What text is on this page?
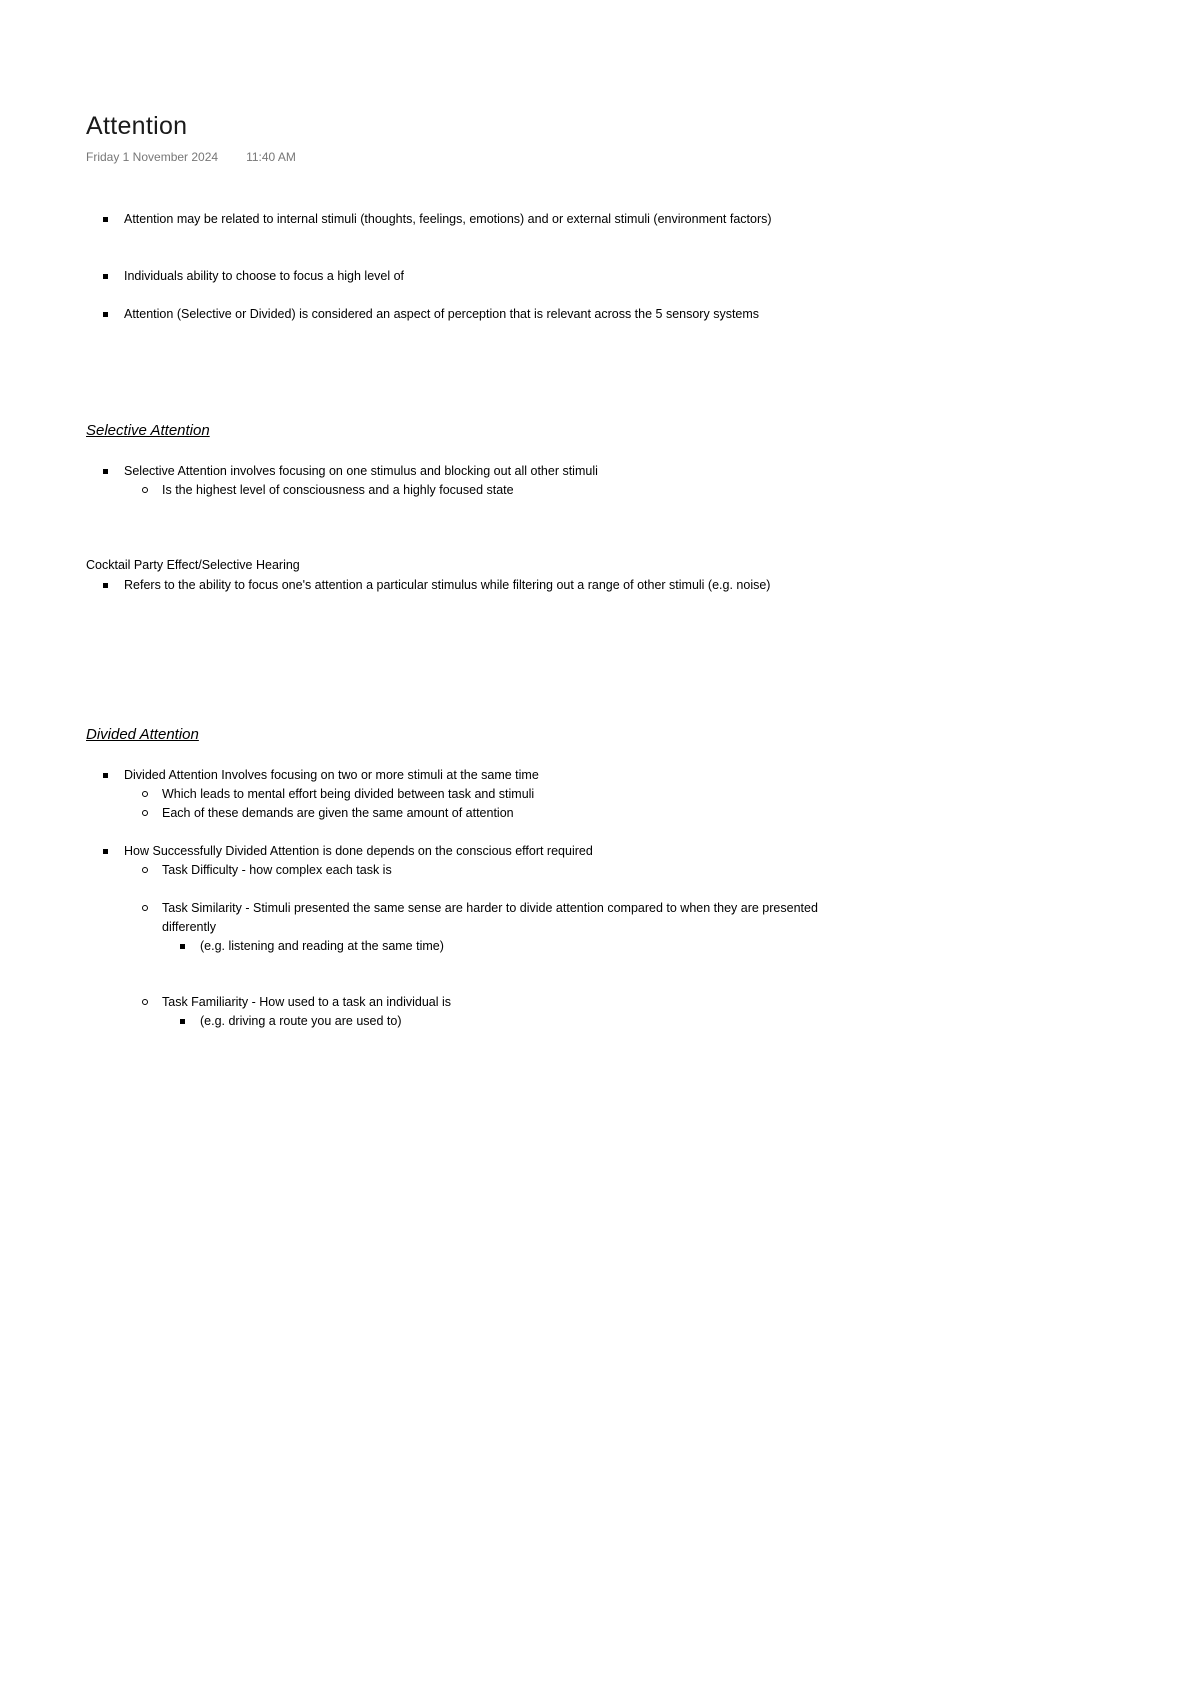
Attention
Friday 1 November 2024 11:40 AM
Attention may be related to internal stimuli (thoughts, feelings, emotions) and or external stimuli (environment factors)
Individuals ability to choose to focus a high level of
Attention (Selective or Divided) is considered an aspect of perception that is relevant across the 5 sensory systems
Selective Attention
Selective Attention involves focusing on one stimulus and blocking out all other stimuli
Is the highest level of consciousness and a highly focused state
Cocktail Party Effect/Selective Hearing
Refers to the ability to focus one's attention a particular stimulus while filtering out a range of other stimuli (e.g. noise)
Divided Attention
Divided Attention Involves focusing on two or more stimuli at the same time
Which leads to mental effort being divided between task and stimuli
Each of these demands are given the same amount of attention
How Successfully Divided Attention is done depends on the conscious effort required
Task Difficulty - how complex each task is
Task Similarity - Stimuli presented the same sense are harder to divide attention compared to when they are presented differently
(e.g. listening and reading at the same time)
Task Familiarity - How used to a task an individual is
(e.g. driving a route you are used to)
